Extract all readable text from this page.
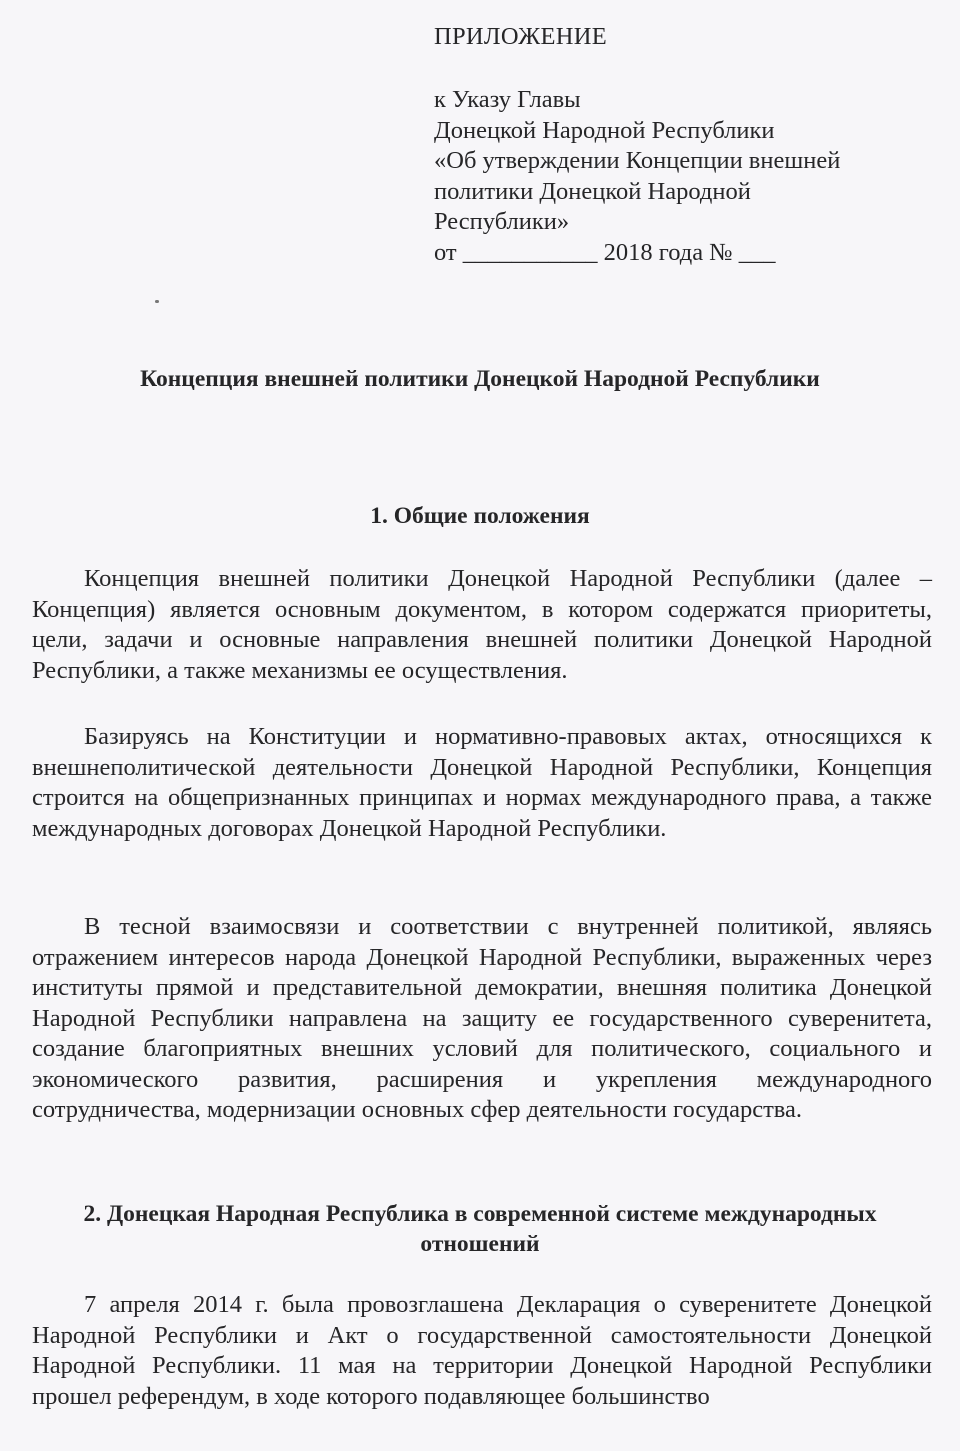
ПРИЛОЖЕНИЕ
к Указу Главы
Донецкой Народной Республики
«Об утверждении Концепции внешней
политики Донецкой Народной
Республики»
от ___________ 2018 года № ___
Концепция внешней политики Донецкой Народной Республики
1. Общие положения

Концепция внешней политики Донецкой Народной Республики (далее – Концепция) является основным документом, в котором содержатся приоритеты, цели, задачи и основные направления внешней политики Донецкой Народной Республики, а также механизмы ее осуществления.

Базируясь на Конституции и нормативно-правовых актах, относящихся к внешнеполитической деятельности Донецкой Народной Республики, Концепция строится на общепризнанных принципах и нормах международного права, а также международных договорах Донецкой Народной Республики.

В тесной взаимосвязи и соответствии с внутренней политикой, являясь отражением интересов народа Донецкой Народной Республики, выраженных через институты прямой и представительной демократии, внешняя политика Донецкой Народной Республики направлена на защиту ее государственного суверенитета, создание благоприятных внешних условий для политического, социального и экономического развития, расширения и укрепления международного сотрудничества, модернизации основных сфер деятельности государства.

2. Донецкая Народная Республика в современной системе международных отношений

7 апреля 2014 г. была провозглашена Декларация о суверенитете Донецкой Народной Республики и Акт о государственной самостоятельности Донецкой Народной Республики. 11 мая на территории Донецкой Народной Республики прошел референдум, в ходе которого подавляющее большинство
